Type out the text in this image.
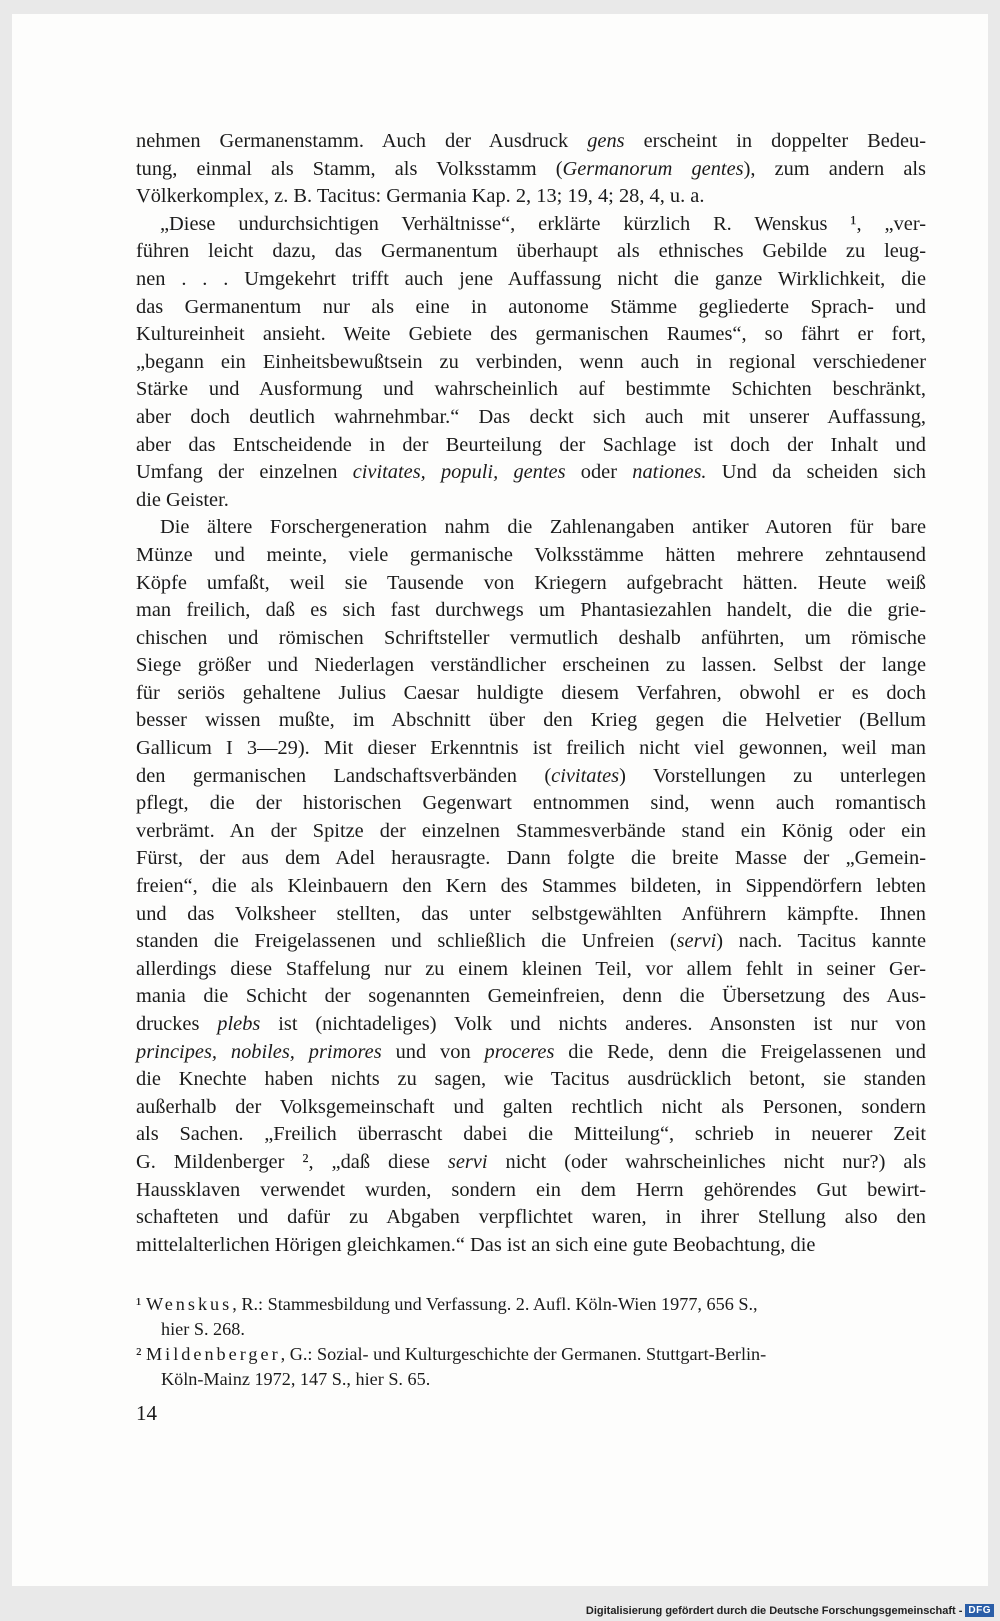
nehmen Germanenstamm. Auch der Ausdruck gens erscheint in doppelter Bedeu-
tung, einmal als Stamm, als Volksstamm (Germanorum gentes), zum andern als
Völkerkomplex, z. B. Tacitus: Germania Kap. 2, 13; 19, 4; 28, 4, u. a.
„Diese undurchsichtigen Verhältnisse“, erklärte kürzlich R. Wenskus ¹, „ver-
führen leicht dazu, das Germanentum überhaupt als ethnisches Gebilde zu leug-
nen . . . Umgekehrt trifft auch jene Auffassung nicht die ganze Wirklichkeit, die
das Germanentum nur als eine in autonome Stämme gegliederte Sprach- und
Kultureinheit ansieht. Weite Gebiete des germanischen Raumes“, so fährt er fort,
„begann ein Einheitsbewußtsein zu verbinden, wenn auch in regional verschiedener
Stärke und Ausformung und wahrscheinlich auf bestimmte Schichten beschränkt,
aber doch deutlich wahrnehmbar.“ Das deckt sich auch mit unserer Auffassung,
aber das Entscheidende in der Beurteilung der Sachlage ist doch der Inhalt und
Umfang der einzelnen civitates, populi, gentes oder nationes. Und da scheiden sich
die Geister.
Die ältere Forschergeneration nahm die Zahlenangaben antiker Autoren für bare
Münze und meinte, viele germanische Volksstämme hätten mehrere zehntausend
Köpfe umfaßt, weil sie Tausende von Kriegern aufgebracht hätten. Heute weiß
man freilich, daß es sich fast durchwegs um Phantasiezahlen handelt, die die grie-
chischen und römischen Schriftsteller vermutlich deshalb anführten, um römische
Siege größer und Niederlagen verständlicher erscheinen zu lassen. Selbst der lange
für seriös gehaltene Julius Caesar huldigte diesem Verfahren, obwohl er es doch
besser wissen mußte, im Abschnitt über den Krieg gegen die Helvetier (Bellum
Gallicum I 3—29). Mit dieser Erkenntnis ist freilich nicht viel gewonnen, weil man
den germanischen Landschaftsverbänden (civitates) Vorstellungen zu unterlegen
pflegt, die der historischen Gegenwart entnommen sind, wenn auch romantisch
verbrämt. An der Spitze der einzelnen Stammesverbände stand ein König oder ein
Fürst, der aus dem Adel herausragte. Dann folgte die breite Masse der „Gemein-
freien“, die als Kleinbauern den Kern des Stammes bildeten, in Sippendörfern lebten
und das Volksheer stellten, das unter selbstgewählten Anführern kämpfte. Ihnen
standen die Freigelassenen und schließlich die Unfreien (servi) nach. Tacitus kannte
allerdings diese Staffelung nur zu einem kleinen Teil, vor allem fehlt in seiner Ger-
mania die Schicht der sogenannten Gemeinfreien, denn die Übersetzung des Aus-
druckes plebs ist (nichtadeliges) Volk und nichts anderes. Ansonsten ist nur von
principes, nobiles, primores und von proceres die Rede, denn die Freigelassenen und
die Knechte haben nichts zu sagen, wie Tacitus ausdrücklich betont, sie standen
außerhalb der Volksgemeinschaft und galten rechtlich nicht als Personen, sondern
als Sachen. „Freilich überrascht dabei die Mitteilung“, schrieb in neuerer Zeit
G. Mildenberger ², „daß diese servi nicht (oder wahrscheinliches nicht nur?) als
Haussklaven verwendet wurden, sondern ein dem Herrn gehörendes Gut bewirt-
schafteten und dafür zu Abgaben verpflichtet waren, in ihrer Stellung also den
mittelalterlichen Hörigen gleichkamen.“ Das ist an sich eine gute Beobachtung, die
¹ Wenskus, R.: Stammesbildung und Verfassung. 2. Aufl. Köln-Wien 1977, 656 S.,
hier S. 268.
² Mildenberger, G.: Sozial- und Kulturgeschichte der Germanen. Stuttgart-Berlin-
Köln-Mainz 1972, 147 S., hier S. 65.
14
Digitalisierung gefördert durch die Deutsche Forschungsgemeinschaft - DFG
